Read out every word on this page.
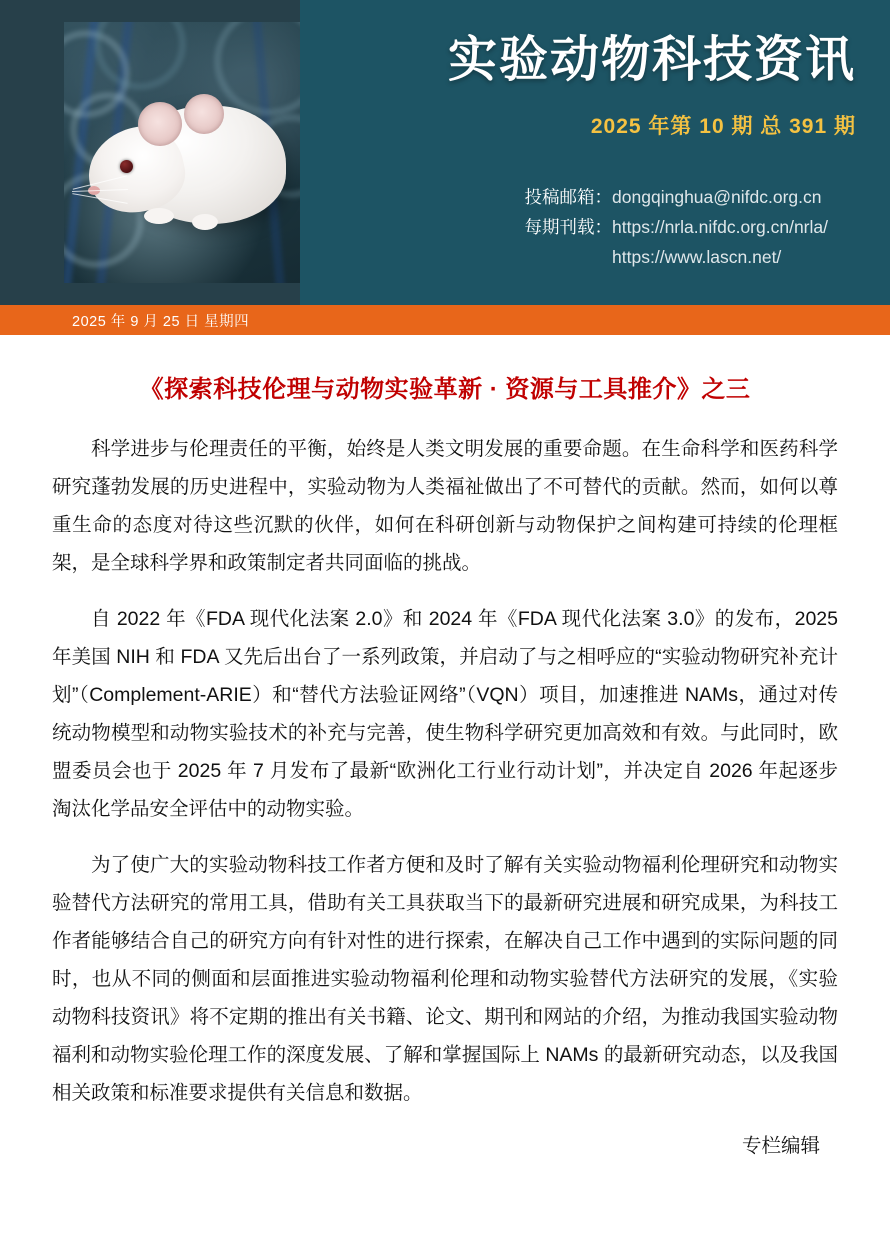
实验动物科技资讯
2025 年第 10 期 总 391 期
投稿邮箱：dongqinghua@nifdc.org.cn
每期刊载：https://nrla.nifdc.org.cn/nrla/
https://www.lascn.net/
2025 年 9 月 25 日 星期四
《探索科技伦理与动物实验革新 · 资源与工具推介》之三

科学进步与伦理责任的平衡，始终是人类文明发展的重要命题。在生命科学和医药科学研究蓬勃发展的历史进程中，实验动物为人类福祉做出了不可替代的贡献。然而，如何以尊重生命的态度对待这些沉默的伙伴，如何在科研创新与动物保护之间构建可持续的伦理框架，是全球科学界和政策制定者共同面临的挑战。

自 2022 年《FDA 现代化法案 2.0》和 2024 年《FDA 现代化法案 3.0》的发布，2025 年美国 NIH 和 FDA 又先后出台了一系列政策，并启动了与之相呼应的“实验动物研究补充计划”（Complement-ARIE）和“替代方法验证网络”（VQN）项目，加速推进 NAMs，通过对传统动物模型和动物实验技术的补充与完善，使生物科学研究更加高效和有效。与此同时，欧盟委员会也于 2025 年 7 月发布了最新“欧洲化工行业行动计划”，并决定自 2026 年起逐步淘汰化学品安全评估中的动物实验。

为了使广大的实验动物科技工作者方便和及时了解有关实验动物福利伦理研究和动物实验替代方法研究的常用工具，借助有关工具获取当下的最新研究进展和研究成果，为科技工作者能够结合自己的研究方向有针对性的进行探索，在解决自己工作中遇到的实际问题的同时，也从不同的侧面和层面推进实验动物福利伦理和动物实验替代方法研究的发展，《实验动物科技资讯》将不定期的推出有关书籍、论文、期刊和网站的介绍，为推动我国实验动物福利和动物实验伦理工作的深度发展、了解和掌握国际上 NAMs 的最新研究动态，以及我国相关政策和标准要求提供有关信息和数据。

专栏编辑
